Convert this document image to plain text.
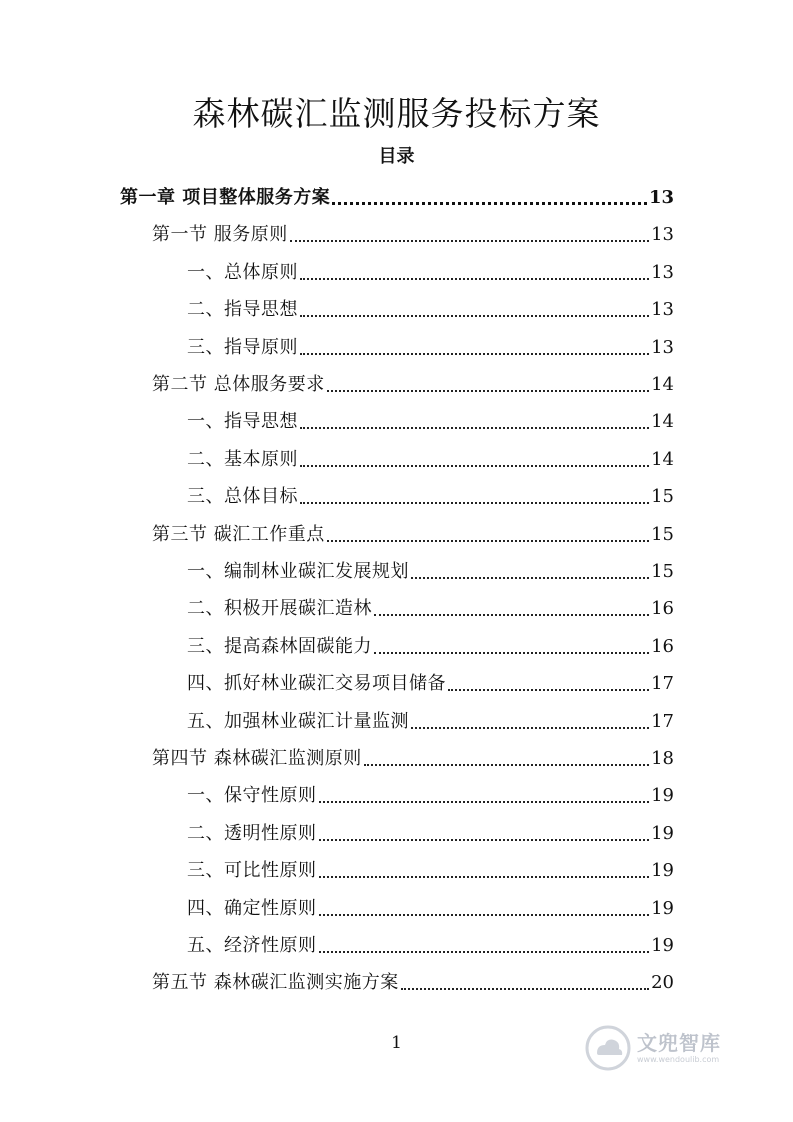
森林碳汇监测服务投标方案
目录
第一章 项目整体服务方案	13
第一节 服务原则	13
一、总体原则	13
二、指导思想	13
三、指导原则	13
第二节 总体服务要求	14
一、指导思想	14
二、基本原则	14
三、总体目标	15
第三节 碳汇工作重点	15
一、编制林业碳汇发展规划	15
二、积极开展碳汇造林	16
三、提高森林固碳能力	16
四、抓好林业碳汇交易项目储备	17
五、加强林业碳汇计量监测	17
第四节 森林碳汇监测原则	18
一、保守性原则	19
二、透明性原则	19
三、可比性原则	19
四、确定性原则	19
五、经济性原则	19
第五节 森林碳汇监测实施方案	20
1	文兜智库
www.wendoulib.com
